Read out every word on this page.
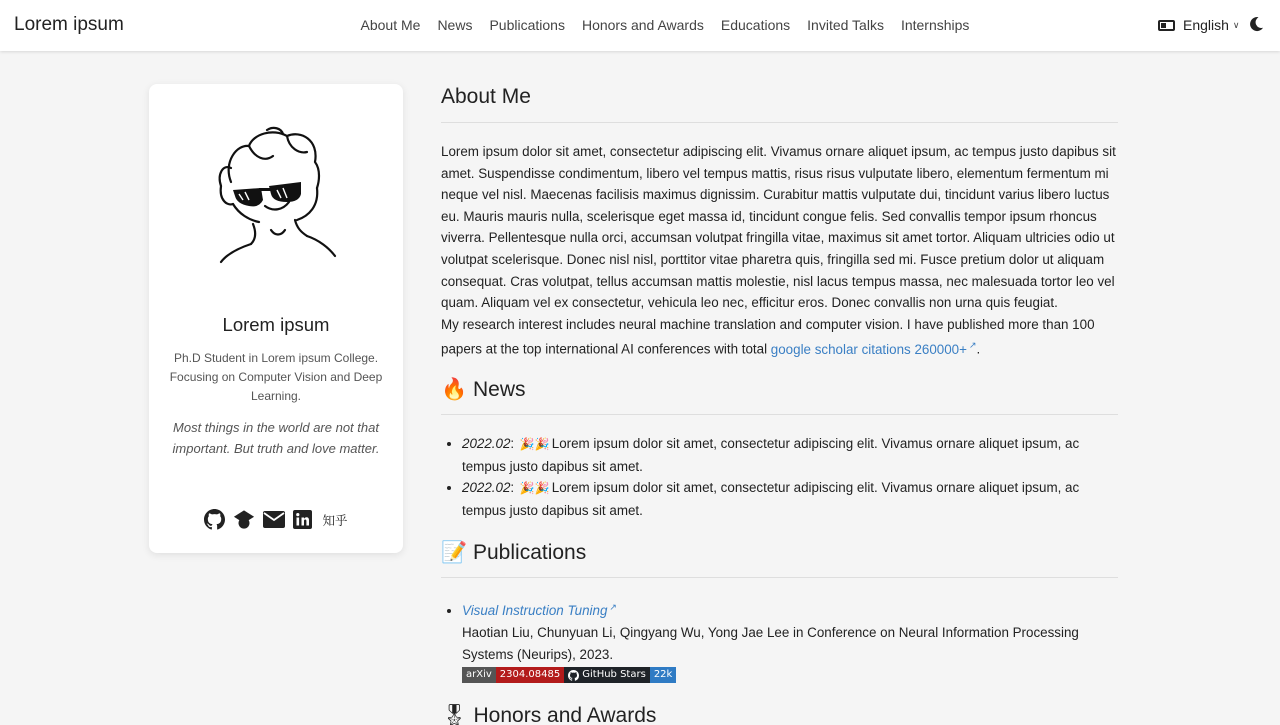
Lorem ipsum	About Me News Publications Honors and Awards Educations Invited Talks Internships	English ∨
Lorem ipsum
Ph.D Student in Lorem ipsum College. Focusing on Computer Vision and Deep Learning.
Most things in the world are not that important. But truth and love matter.
知乎
About Me
Lorem ipsum dolor sit amet, consectetur adipiscing elit. Vivamus ornare aliquet ipsum, ac tempus justo dapibus sit amet. Suspendisse condimentum, libero vel tempus mattis, risus risus vulputate libero, elementum fermentum mi neque vel nisl. Maecenas facilisis maximus dignissim. Curabitur mattis vulputate dui, tincidunt varius libero luctus eu. Mauris mauris nulla, scelerisque eget massa id, tincidunt congue felis. Sed convallis tempor ipsum rhoncus viverra. Pellentesque nulla orci, accumsan volutpat fringilla vitae, maximus sit amet tortor. Aliquam ultricies odio ut volutpat scelerisque. Donec nisl nisl, porttitor vitae pharetra quis, fringilla sed mi. Fusce pretium dolor ut aliquam consequat. Cras volutpat, tellus accumsan mattis molestie, nisl lacus tempus massa, nec malesuada tortor leo vel quam. Aliquam vel ex consectetur, vehicula leo nec, efficitur eros. Donec convallis non urna quis feugiat.
My research interest includes neural machine translation and computer vision. I have published more than 100 papers at the top international AI conferences with total google scholar citations 260000+ ↗.
🔥 News
• 2022.02: 🎉🎉 Lorem ipsum dolor sit amet, consectetur adipiscing elit. Vivamus ornare aliquet ipsum, ac tempus justo dapibus sit amet.
• 2022.02: 🎉🎉 Lorem ipsum dolor sit amet, consectetur adipiscing elit. Vivamus ornare aliquet ipsum, ac tempus justo dapibus sit amet.
📝 Publications
• Visual Instruction Tuning ↗
Haotian Liu, Chunyuan Li, Qingyang Wu, Yong Jae Lee in Conference on Neural Information Processing Systems (Neurips), 2023.
arXiv 2304.08485	GitHub Stars 22k
🎖 Honors and Awards
